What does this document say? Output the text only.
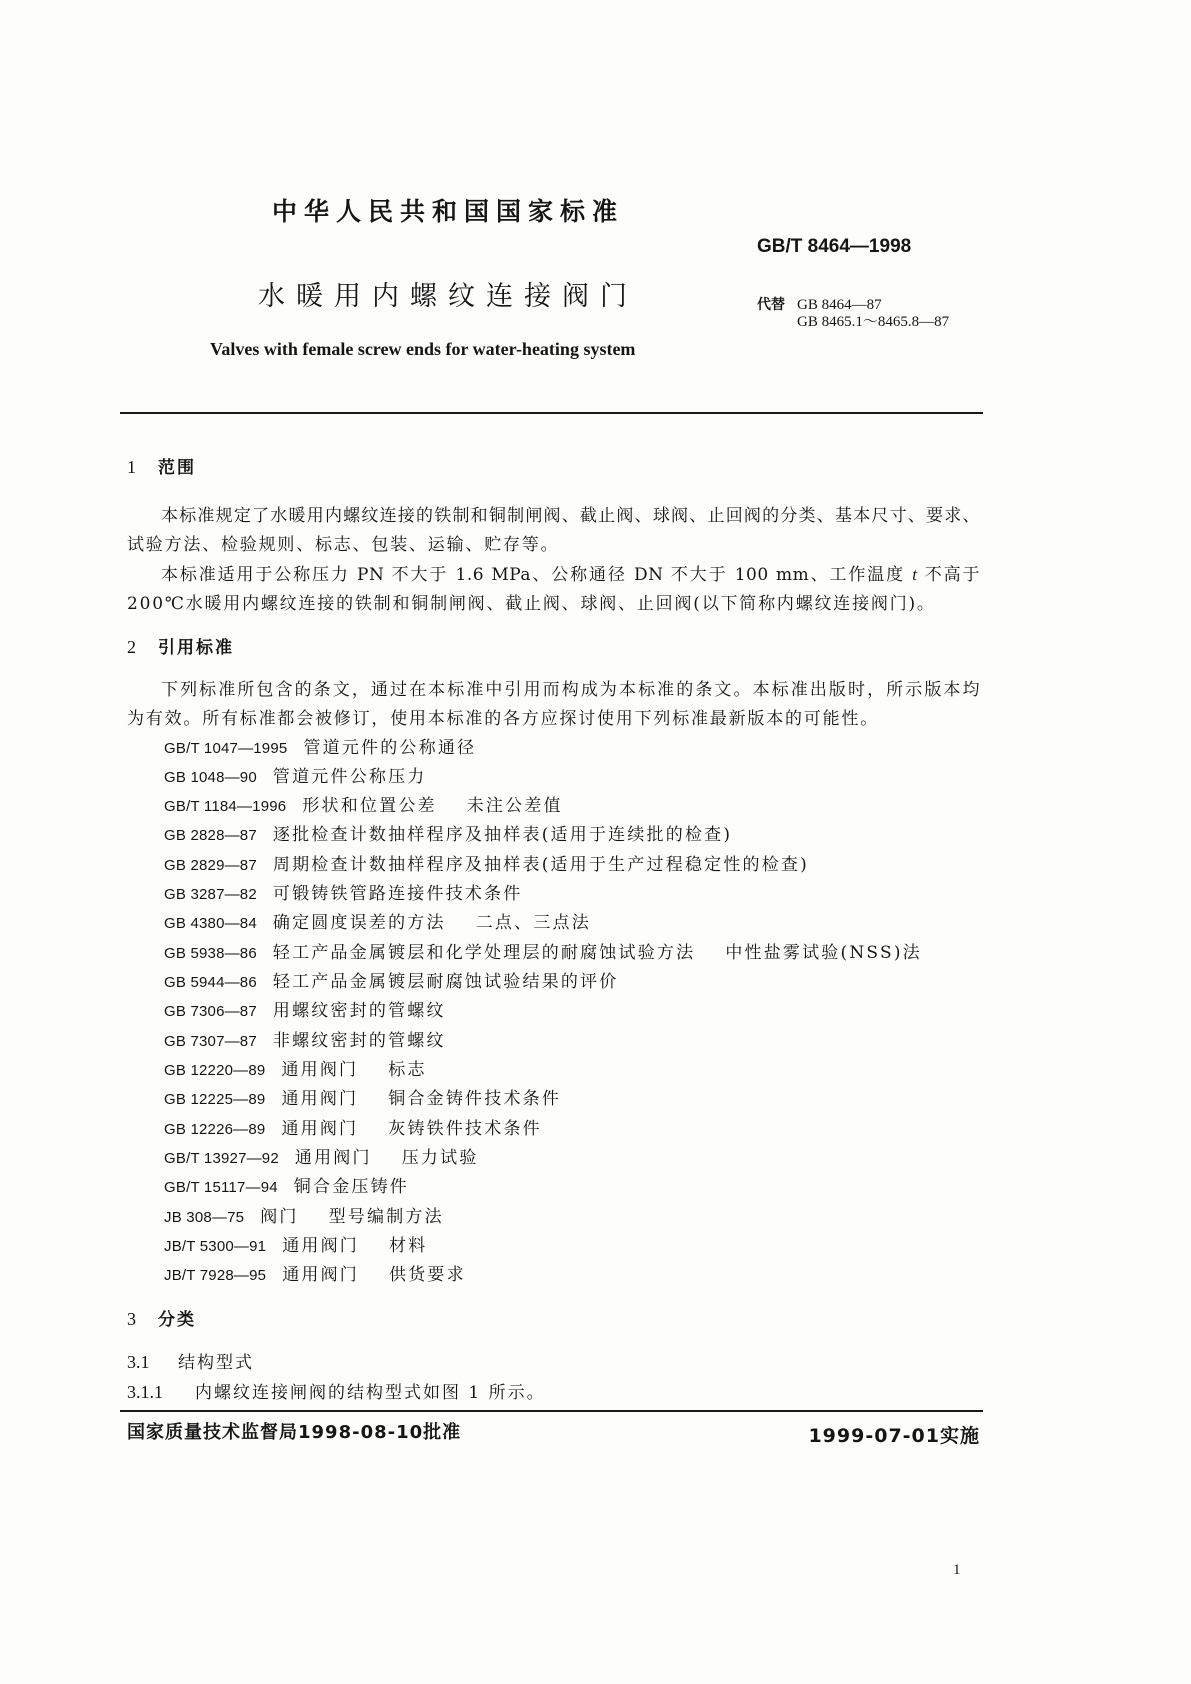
中华人民共和国国家标准
GB/T 8464—1998
水暖用内螺纹连接阀门	代替 GB 8464—87
GB 8465.1～8465.8—87
Valves with female screw ends for water-heating system
1 范围
本标准规定了水暖用内螺纹连接的铁制和铜制闸阀、截止阀、球阀、止回阀的分类、基本尺寸、要求、
试验方法、检验规则、标志、包装、运输、贮存等。
本标准适用于公称压力 PN 不大于 1.6 MPa、公称通径 DN 不大于 100 mm、工作温度 t 不高于
200℃水暖用内螺纹连接的铁制和铜制闸阀、截止阀、球阀、止回阀(以下简称内螺纹连接阀门)。
2 引用标准
下列标准所包含的条文，通过在本标准中引用而构成为本标准的条文。本标准出版时，所示版本均
为有效。所有标准都会被修订，使用本标准的各方应探讨使用下列标准最新版本的可能性。
GB/T 1047—1995 管道元件的公称通径
GB 1048—90 管道元件公称压力
GB/T 1184—1996 形状和位置公差 未注公差值
GB 2828—87 逐批检查计数抽样程序及抽样表(适用于连续批的检查)
GB 2829—87 周期检查计数抽样程序及抽样表(适用于生产过程稳定性的检查)
GB 3287—82 可锻铸铁管路连接件技术条件
GB 4380—84 确定圆度误差的方法 二点、三点法
GB 5938—86 轻工产品金属镀层和化学处理层的耐腐蚀试验方法 中性盐雾试验(NSS)法
GB 5944—86 轻工产品金属镀层耐腐蚀试验结果的评价
GB 7306—87 用螺纹密封的管螺纹
GB 7307—87 非螺纹密封的管螺纹
GB 12220—89 通用阀门 标志
GB 12225—89 通用阀门 铜合金铸件技术条件
GB 12226—89 通用阀门 灰铸铁件技术条件
GB/T 13927—92 通用阀门 压力试验
GB/T 15117—94 铜合金压铸件
JB 308—75 阀门 型号编制方法
JB/T 5300—91 通用阀门 材料
JB/T 7928—95 通用阀门 供货要求
3 分类
3.1 结构型式
3.1.1 内螺纹连接闸阀的结构型式如图 1 所示。
国家质量技术监督局1998-08-10批准	1999-07-01实施
1
